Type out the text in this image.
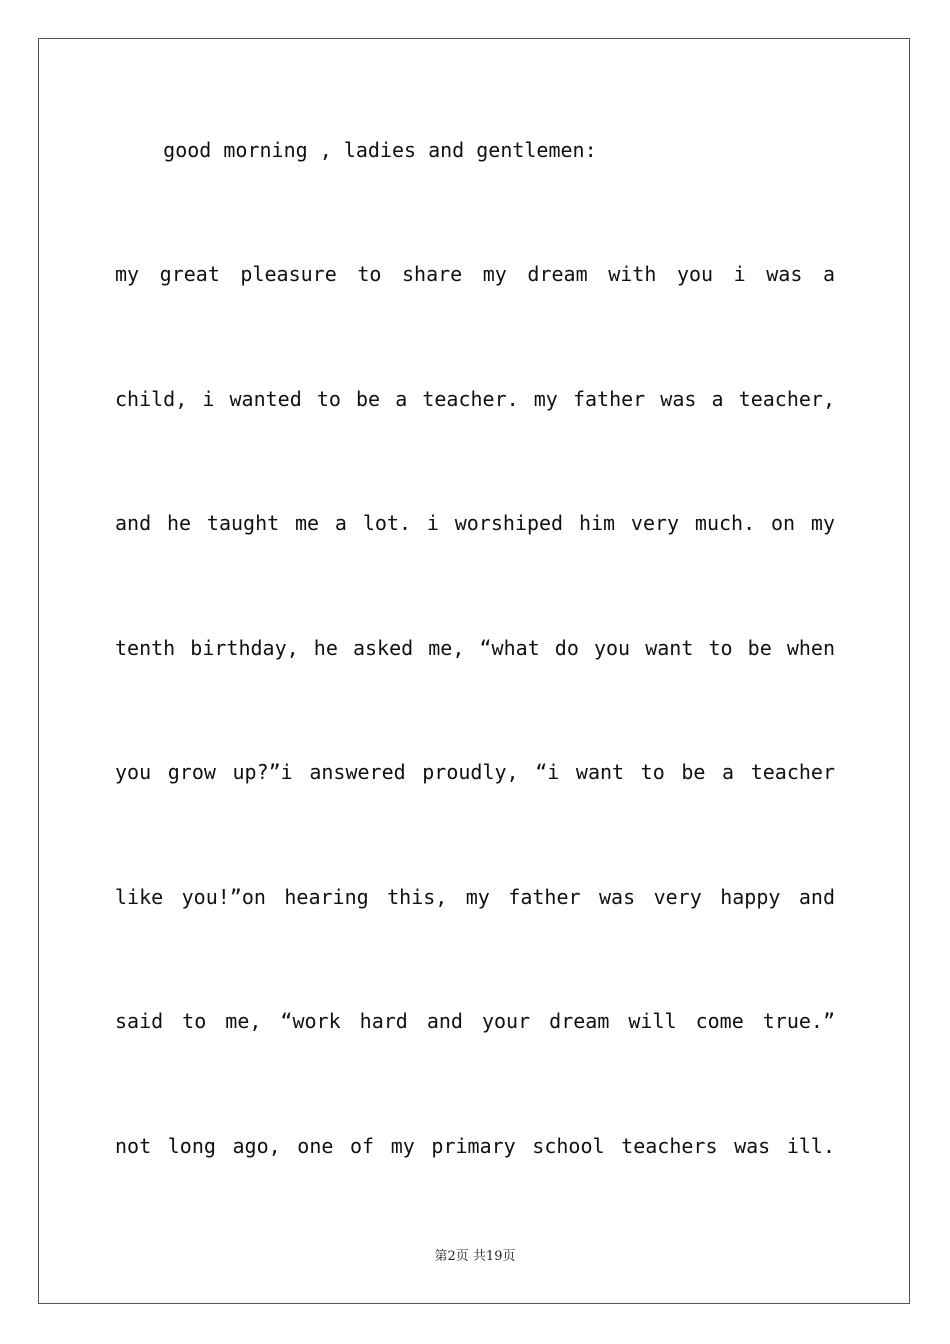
good morning , ladies and gentlemen:
my great pleasure to share my dream with you i was a
child, i wanted to be a teacher. my father was a teacher,
and he taught me a lot. i worshiped him very much. on my
tenth birthday, he asked me, “what do you want to be when
you grow up?”i answered proudly, “i want to be a teacher
like you!”on hearing this, my father was very happy and
said to me, “work hard and your dream will come true.”
not long ago, one of my primary school teachers was ill.
第2页 共19页
